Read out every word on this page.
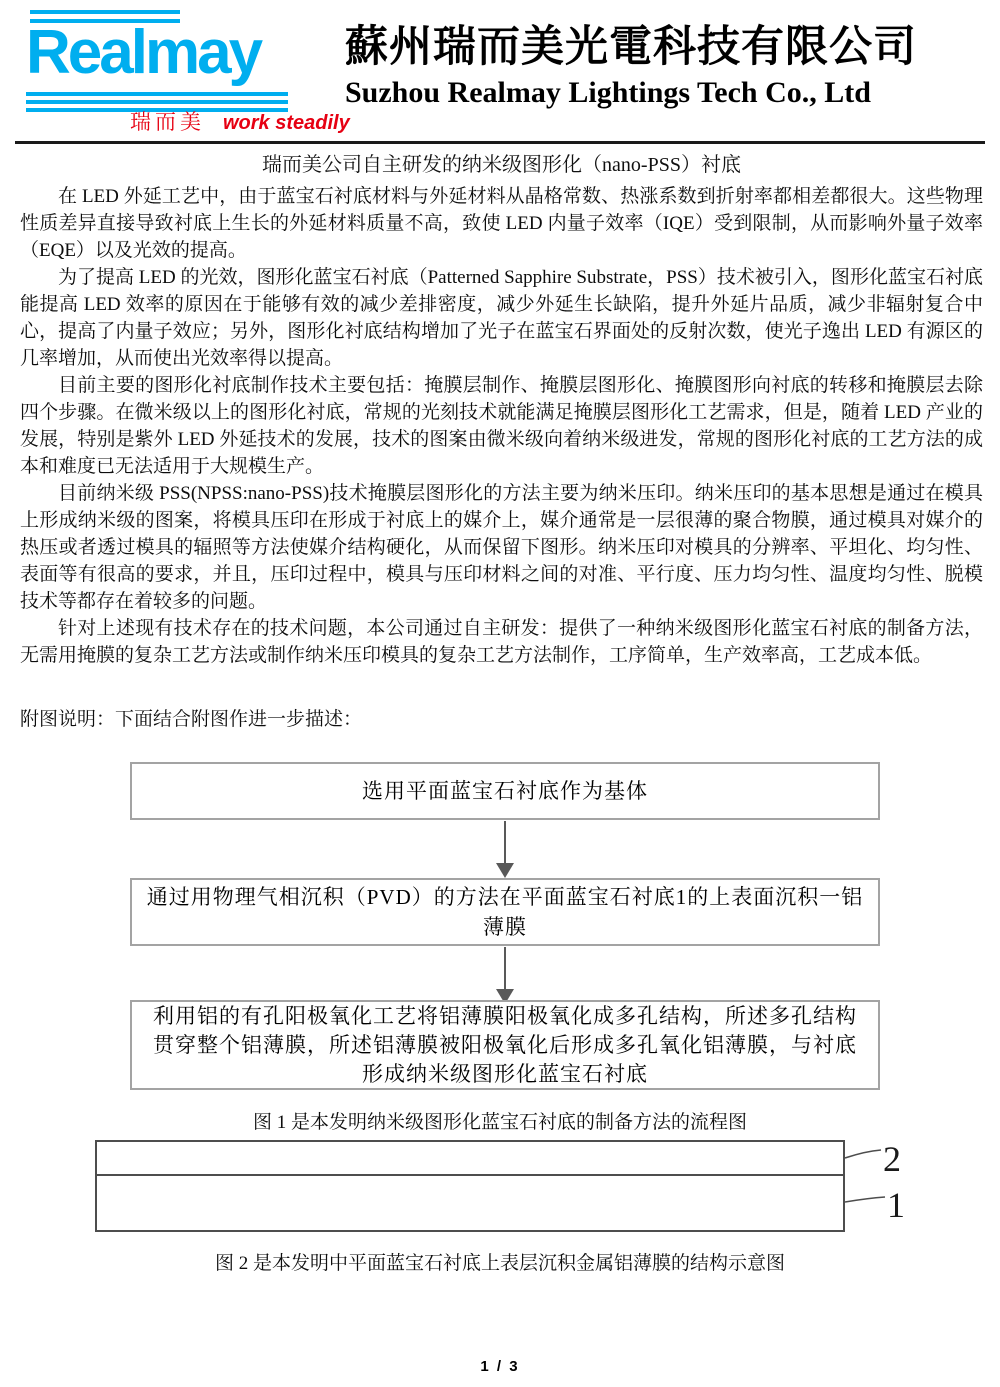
Realmay
瑞而美 work steadily
蘇州瑞而美光電科技有限公司
Suzhou Realmay Lightings Tech Co., Ltd
瑞而美公司自主研发的纳米级图形化（nano-PSS）衬底

在 LED 外延工艺中，由于蓝宝石衬底材料与外延材料从晶格常数、热涨系数到折射率都相差都很大。这些物理性质差异直接导致衬底上生长的外延材料质量不高，致使 LED 内量子效率（IQE）受到限制，从而影响外量子效率（EQE）以及光效的提高。

为了提高 LED 的光效，图形化蓝宝石衬底（Patterned Sapphire Substrate，PSS）技术被引入，图形化蓝宝石衬底能提高 LED 效率的原因在于能够有效的减少差排密度，减少外延生长缺陷，提升外延片品质，减少非辐射复合中心，提高了内量子效应；另外，图形化衬底结构增加了光子在蓝宝石界面处的反射次数，使光子逸出 LED 有源区的几率增加，从而使出光效率得以提高。

目前主要的图形化衬底制作技术主要包括：掩膜层制作、掩膜层图形化、掩膜图形向衬底的转移和掩膜层去除四个步骤。在微米级以上的图形化衬底，常规的光刻技术就能满足掩膜层图形化工艺需求，但是，随着 LED 产业的发展，特别是紫外 LED 外延技术的发展，技术的图案由微米级向着纳米级进发，常规的图形化衬底的工艺方法的成本和难度已无法适用于大规模生产。

目前纳米级 PSS(NPSS:nano-PSS)技术掩膜层图形化的方法主要为纳米压印。纳米压印的基本思想是通过在模具上形成纳米级的图案，将模具压印在形成于衬底上的媒介上，媒介通常是一层很薄的聚合物膜，通过模具对媒介的热压或者透过模具的辐照等方法使媒介结构硬化，从而保留下图形。纳米压印对模具的分辨率、平坦化、均匀性、表面等有很高的要求，并且，压印过程中，模具与压印材料之间的对准、平行度、压力均匀性、温度均匀性、脱模技术等都存在着较多的问题。

针对上述现有技术存在的技术问题，本公司通过自主研发：提供了一种纳米级图形化蓝宝石衬底的制备方法，无需用掩膜的复杂工艺方法或制作纳米压印模具的复杂工艺方法制作，工序简单，生产效率高，工艺成本低。

附图说明：下面结合附图作进一步描述：

选用平面蓝宝石衬底作为基体
通过用物理气相沉积（PVD）的方法在平面蓝宝石衬底1的上表面沉积一铝薄膜
利用铝的有孔阳极氧化工艺将铝薄膜阳极氧化成多孔结构，所述多孔结构贯穿整个铝薄膜，所述铝薄膜被阳极氧化后形成多孔氧化铝薄膜，与衬底形成纳米级图形化蓝宝石衬底
图 1 是本发明纳米级图形化蓝宝石衬底的制备方法的流程图
2
1
图 2 是本发明中平面蓝宝石衬底上表层沉积金属铝薄膜的结构示意图
1 / 3
